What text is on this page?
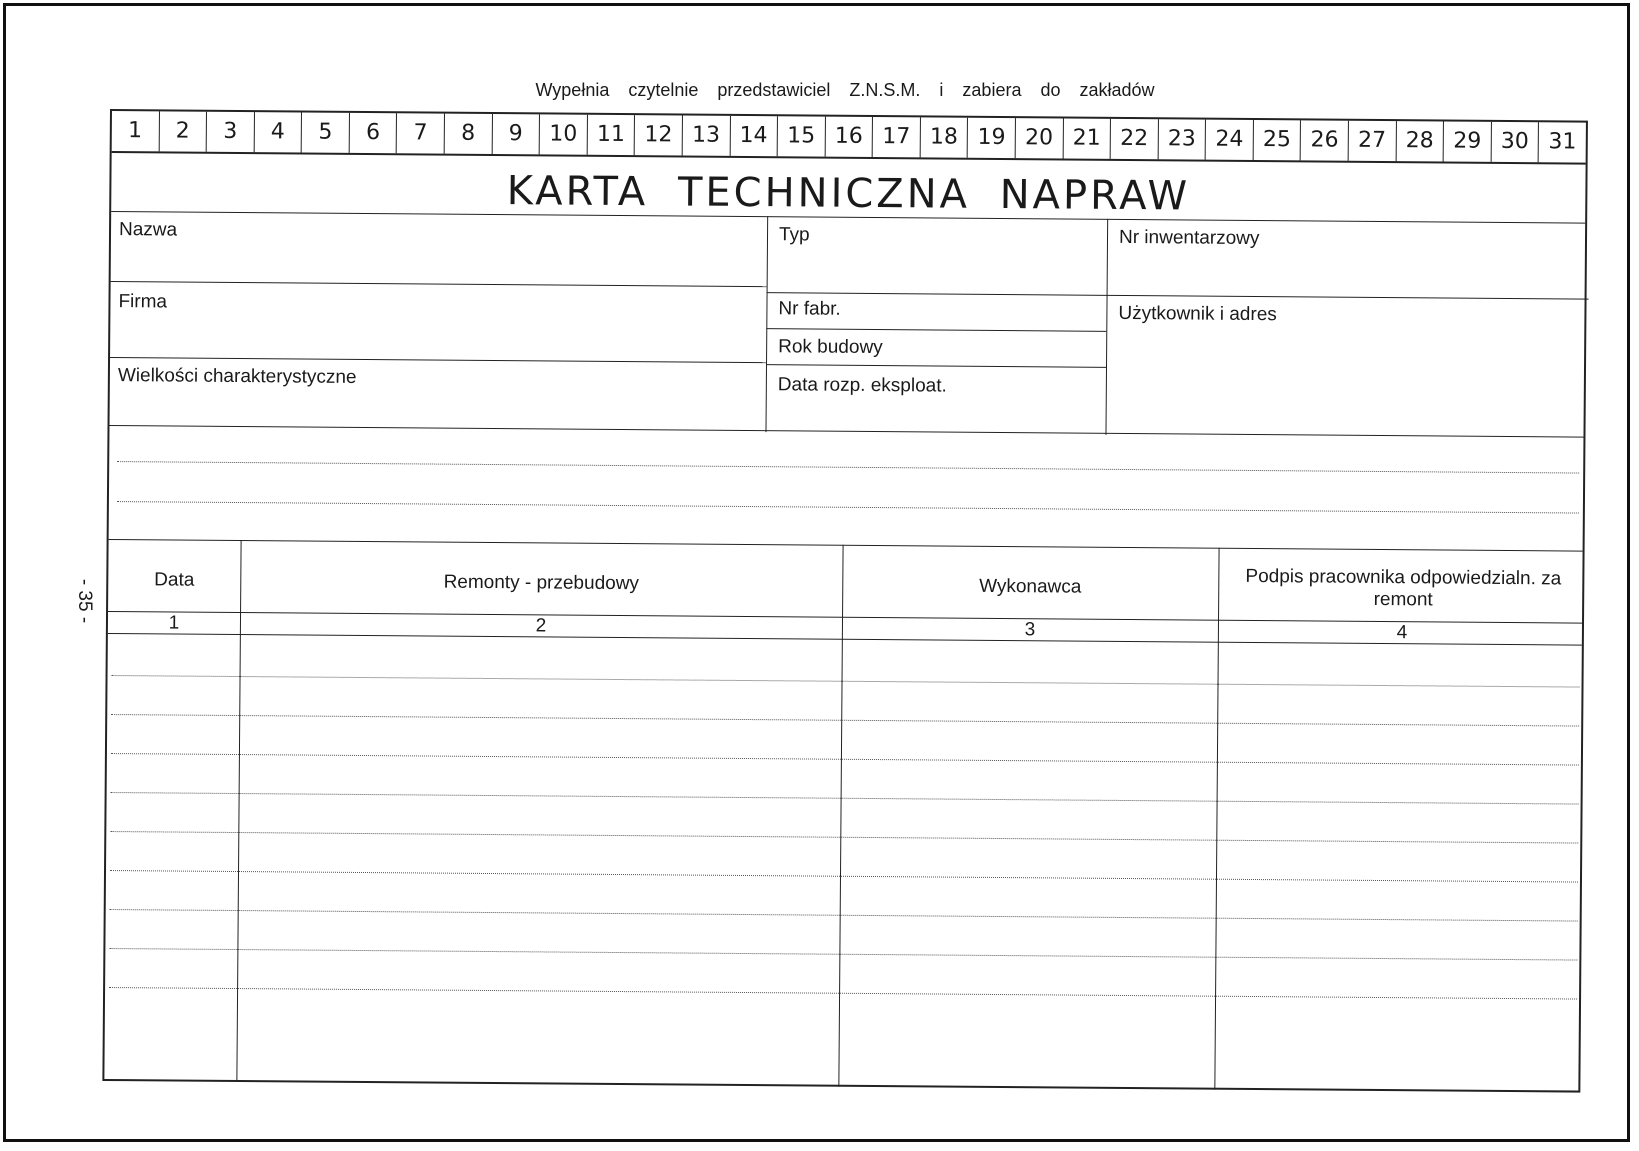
- 35 -
Wypełnia czytelnie przedstawiciel Z.N.S.M. i zabiera do zakładów
1	2	3	4	5	6	7	8	9	10 11 12 13 14 15 16 17 18 19 20 21 22 23 24 25 26 27 28 29 30 31
KARTA TECHNICZNA NAPRAW
Nazwa	Typ	Nr inwentarzowy
Firma	Nr fabr.	Użytkownik i adres
Rok budowy
Wielkości charakterystyczne	Data rozp. eksploat.
Data	Remonty - przebudowy	Wykonawca	Podpis pracownika odpowiedzialn. za remont
1	2	3	4
